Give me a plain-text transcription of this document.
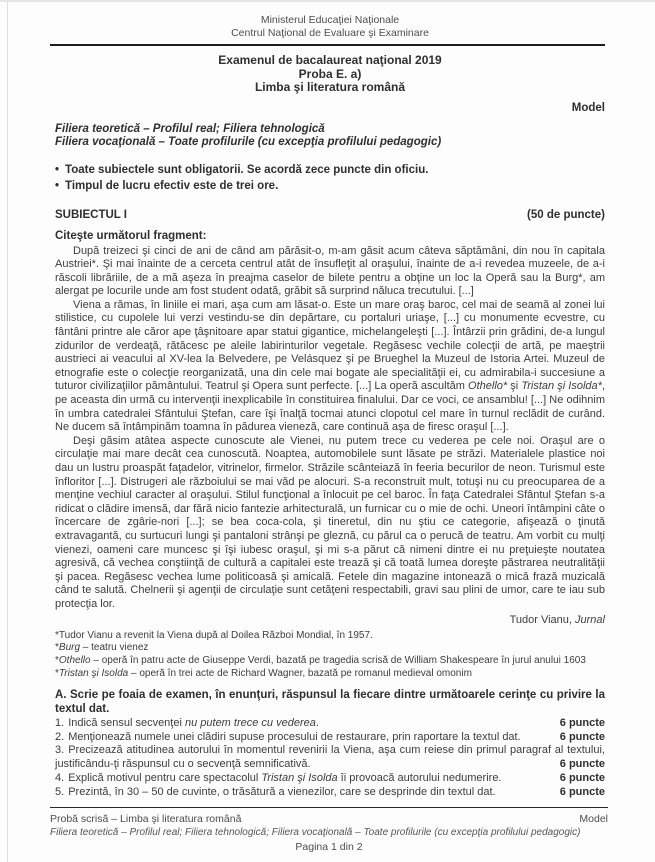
Ministerul Educaţiei Naţionale
Centrul Naţional de Evaluare şi Examinare
Examenul de bacalaureat naţional 2019
Proba E. a)
Limba şi literatura română
Model
Filiera teoretică – Profilul real; Filiera tehnologică
Filiera vocaţională – Toate profilurile (cu excepţia profilului pedagogic)
• Toate subiectele sunt obligatorii. Se acordă zece puncte din oficiu.
• Timpul de lucru efectiv este de trei ore.
SUBIECTUL I	(50 de puncte)
Citeşte următorul fragment:

După treizeci şi cinci de ani de când am părăsit-o, m-am găsit acum câteva săptămâni, din nou în capitala Austriei*. Şi mai înainte de a cerceta centrul atât de însufleţit al oraşului, înainte de a-i revedea muzeele, de a-i răscoli librăriile, de a mă aşeza în preajma caselor de bilete pentru a obţine un loc la Operă sau la Burg*, am alergat pe locurile unde am fost student odată, grăbit să surprind năluca trecutului. [...]

Viena a rămas, în liniile ei mari, aşa cum am lăsat-o. Este un mare oraş baroc, cel mai de seamă al zonei lui stilistice, cu cupolele lui verzi vestindu-se din depărtare, cu portaluri uriaşe, [...] cu monumente ecvestre, cu fântâni printre ale căror ape ţâşnitoare apar statui gigantice, michelangeleşti [...]. Întârzii prin grădini, de-a lungul zidurilor de verdeaţă, rătăcesc pe aleile labirinturilor vegetale. Regăsesc vechile colecţii de artă, pe maeştrii austrieci ai veacului al XV-lea la Belvedere, pe Velásquez şi pe Brueghel la Muzeul de Istoria Artei. Muzeul de etnografie este o colecţie reorganizată, una din cele mai bogate ale specialităţii ei, cu admirabila-i succesiune a tuturor civilizaţiilor pământului. Teatrul şi Opera sunt perfecte. [...] La operă ascultăm Othello* şi Tristan şi Isolda*, pe aceasta din urmă cu intervenţii inexplicabile în constituirea finalului. Dar ce voci, ce ansamblu! [...] Ne odihnim în umbra catedralei Sfântului Ştefan, care îşi înalţă tocmai atunci clopotul cel mare în turnul reclădit de curând. Ne ducem să întâmpinăm toamna în pădurea vieneză, care continuă aşa de firesc oraşul [...].

Deşi găsim atâtea aspecte cunoscute ale Vienei, nu putem trece cu vederea pe cele noi. Oraşul are o circulaţie mai mare decât cea cunoscută. Noaptea, automobilele sunt lăsate pe străzi. Materialele plastice noi dau un lustru proaspăt faţadelor, vitrinelor, firmelor. Străzile scânteiază în feeria becurilor de neon. Turismul este înfloritor [...]. Distrugeri ale războiului se mai văd pe alocuri. S-a reconstruit mult, totuşi nu cu preocuparea de a menţine vechiul caracter al oraşului. Stilul funcţional a înlocuit pe cel baroc. În faţa Catedralei Sfântul Ştefan s-a ridicat o clădire imensă, dar fără nicio fantezie arhitecturală, un furnicar cu o mie de ochi. Uneori întâmpini câte o încercare de zgârie-nori [...]; se bea coca-cola, şi tineretul, din nu ştiu ce categorie, afişează o ţinută extravagantă, cu surtucuri lungi şi pantaloni strânşi pe gleznă, cu părul ca o perucă de teatru. Am vorbit cu mulţi vienezi, oameni care muncesc şi îşi iubesc oraşul, şi mi s-a părut că nimeni dintre ei nu preţuieşte noutatea agresivă, că vechea conştiinţă de cultură a capitalei este trează şi că toată lumea doreşte păstrarea neutralităţii şi pacea. Regăsesc vechea lume politicoasă şi amicală. Fetele din magazine intonează o mică frază muzicală când te salută. Chelnerii şi agenţii de circulaţie sunt cetăţeni respectabili, gravi sau plini de umor, care te iau sub protecţia lor.

Tudor Vianu, Jurnal

*Tudor Vianu a revenit la Viena după al Doilea Război Mondial, în 1957.

*Burg – teatru vienez

*Othello – operă în patru acte de Giuseppe Verdi, bazată pe tragedia scrisă de William Shakespeare în jurul anului 1603

*Tristan şi Isolda – operă în trei acte de Richard Wagner, bazată pe romanul medieval omonim

A. Scrie pe foaia de examen, în enunţuri, răspunsul la fiecare dintre următoarele cerinţe cu privire la textul dat.
1. Indică sensul secvenţei nu putem trece cu vederea.	6 puncte
2. Menţionează numele unei clădiri supuse procesului de restaurare, prin raportare la textul dat.	6 puncte
3. Precizează atitudinea autorului în momentul revenirii la Viena, aşa cum reiese din primul paragraf al textului, justificându-ţi răspunsul cu o secvenţă semnificativă.	6 puncte
4. Explică motivul pentru care spectacolul Tristan şi Isolda îi provoacă autorului nedumerire.	6 puncte
5. Prezintă, în 30 – 50 de cuvinte, o trăsătură a vienezilor, care se desprinde din textul dat.	6 puncte
Probă scrisă – Limba şi literatura română	Model
Filiera teoretică – Profilul real; Filiera tehnologică; Filiera vocaţională – Toate profilurile (cu excepţia profilului pedagogic)
Pagina 1 din 2
